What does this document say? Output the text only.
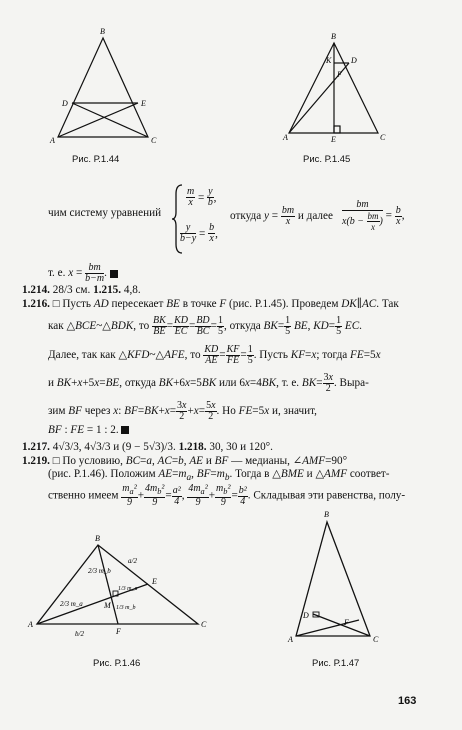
B
D	E
A	C
Рис. Р.1.44
B
K D
F
A	E	C
Рис. Р.1.45
чим систему уравнений
$\frac{m}{x} = \frac{y}{b}$ ,
$\frac{y}{b-y} = \frac{b}{x}$ ,
откуда $y = \frac{bm}{x}$ и далее $\frac{bm}{x(b - \frac{bm}{x} )} = \frac{b}{x}$ ,
т. е. $x = \frac{bm}{b-m}$ .
1.214. 28/3 см. 1.215. 4,8.
1.216. □ Пусть AD пересекает BE в точке F (рис. Р.1.45). Проведем DK∥AC. Так
как △BCE~△BDK, то $\frac{BK}{BE} = \frac{KD}{EC} = \frac{BD}{BC} = \frac{1}{5}$ , откуда $BK= \frac{1}{5}$ BE, $KD= \frac{1}{5}$ EC.
Далее, так как △KFD~△AFE, то $\frac{KD}{AE} = \frac{KF}{FE} = \frac{1}{5}$ . Пусть KF=x; тогда FE=5x
и BK+x+5x=BE, откуда BK+6x=5BK или 6x=4BK, т. е. $BK= \frac{3x}{2}$ . Выра-
зим BF через x: $BF=BK+x= \frac{3x}{2} +x= \frac{5x}{2}$ . Но FE=5x и, значит,
BF : FE = 1 : 2.
1.217. 4√3/3, 4√3/3 и (9 − 5√3)/3. 1.218. 30, 30 и 120°.
1.219. □ По условию, BC=a, AC=b, AE и BF — медианы, ∠AMF=90°
(рис. Р.1.46). Положим $AE=m_a$, $BF=m_b$. Тогда в △BME и △AMF соответ-
ственно имеем $\frac{m_a^2}{9} + \frac{4m_b^2}{9} = \frac{\text{a²}}{4}$ , $\frac{4m_a^2}{9} + \frac{m_b^2}{9} = \frac{\text{b²}}{4}$ . Складывая эти равенства, полу-
B
E
M
A
F
C
a/2
2/3 m_b
1/3 m_a
1/3 m_b
2/3 m_a
b/2
Рис. Р.1.46
B
D
F
A	C
Рис. Р.1.47
163
